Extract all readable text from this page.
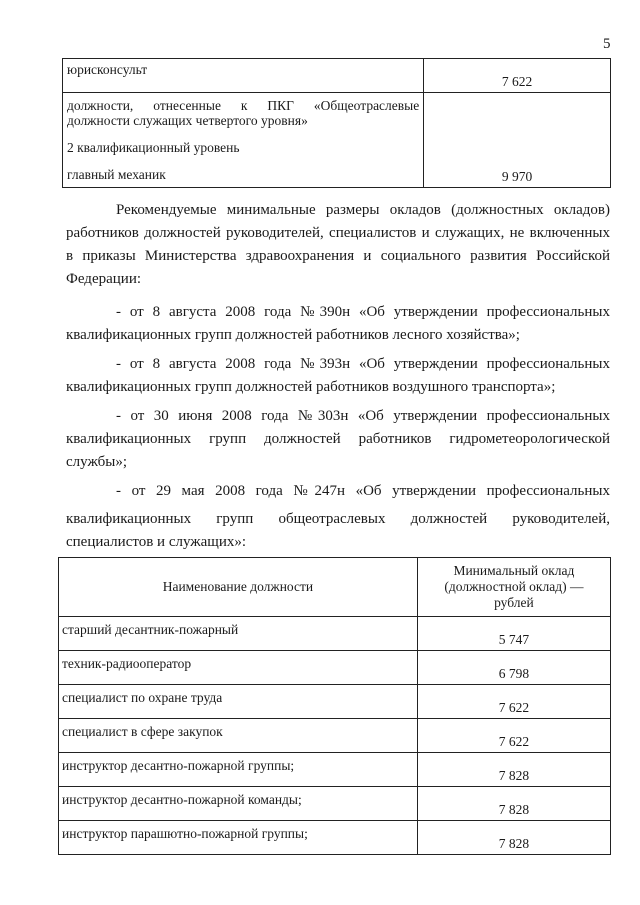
5
юрисконсульт	7 622

должности, отнесенные к ПКГ «Общеотраслевые
должности служащих четвертого уровня»
2 квалификационный уровень
главный механик	9 970
Рекомендуемые минимальные размеры окладов (должностных окладов)
работников должностей руководителей, специалистов и служащих, не включенных
в приказы Министерства здравоохранения и социального развития Российской
Федерации:
- от 8 августа 2008 года №390н «Об утверждении профессиональных
квалификационных групп должностей работников лесного хозяйства»;
- от 8 августа 2008 года №393н «Об утверждении профессиональных
квалификационных групп должностей работников воздушного транспорта»;
- от 30 июня 2008 года №303н «Об утверждении профессиональных
квалификационных групп должностей работников гидрометеорологической
службы»;
- от 29 мая 2008 года №247н «Об утверждении профессиональных
квалификационных групп общеотраслевых должностей руководителей,
специалистов и служащих»:
Наименование должности	Минимальный оклад
(должностной оклад) —
рублей

старший десантник-пожарный	5 747
техник-радиооператор	6 798
специалист по охране труда	7 622
специалист в сфере закупок	7 622
инструктор десантно-пожарной группы;	7 828
инструктор десантно-пожарной команды;	7 828
инструктор парашютно-пожарной группы;	7 828
